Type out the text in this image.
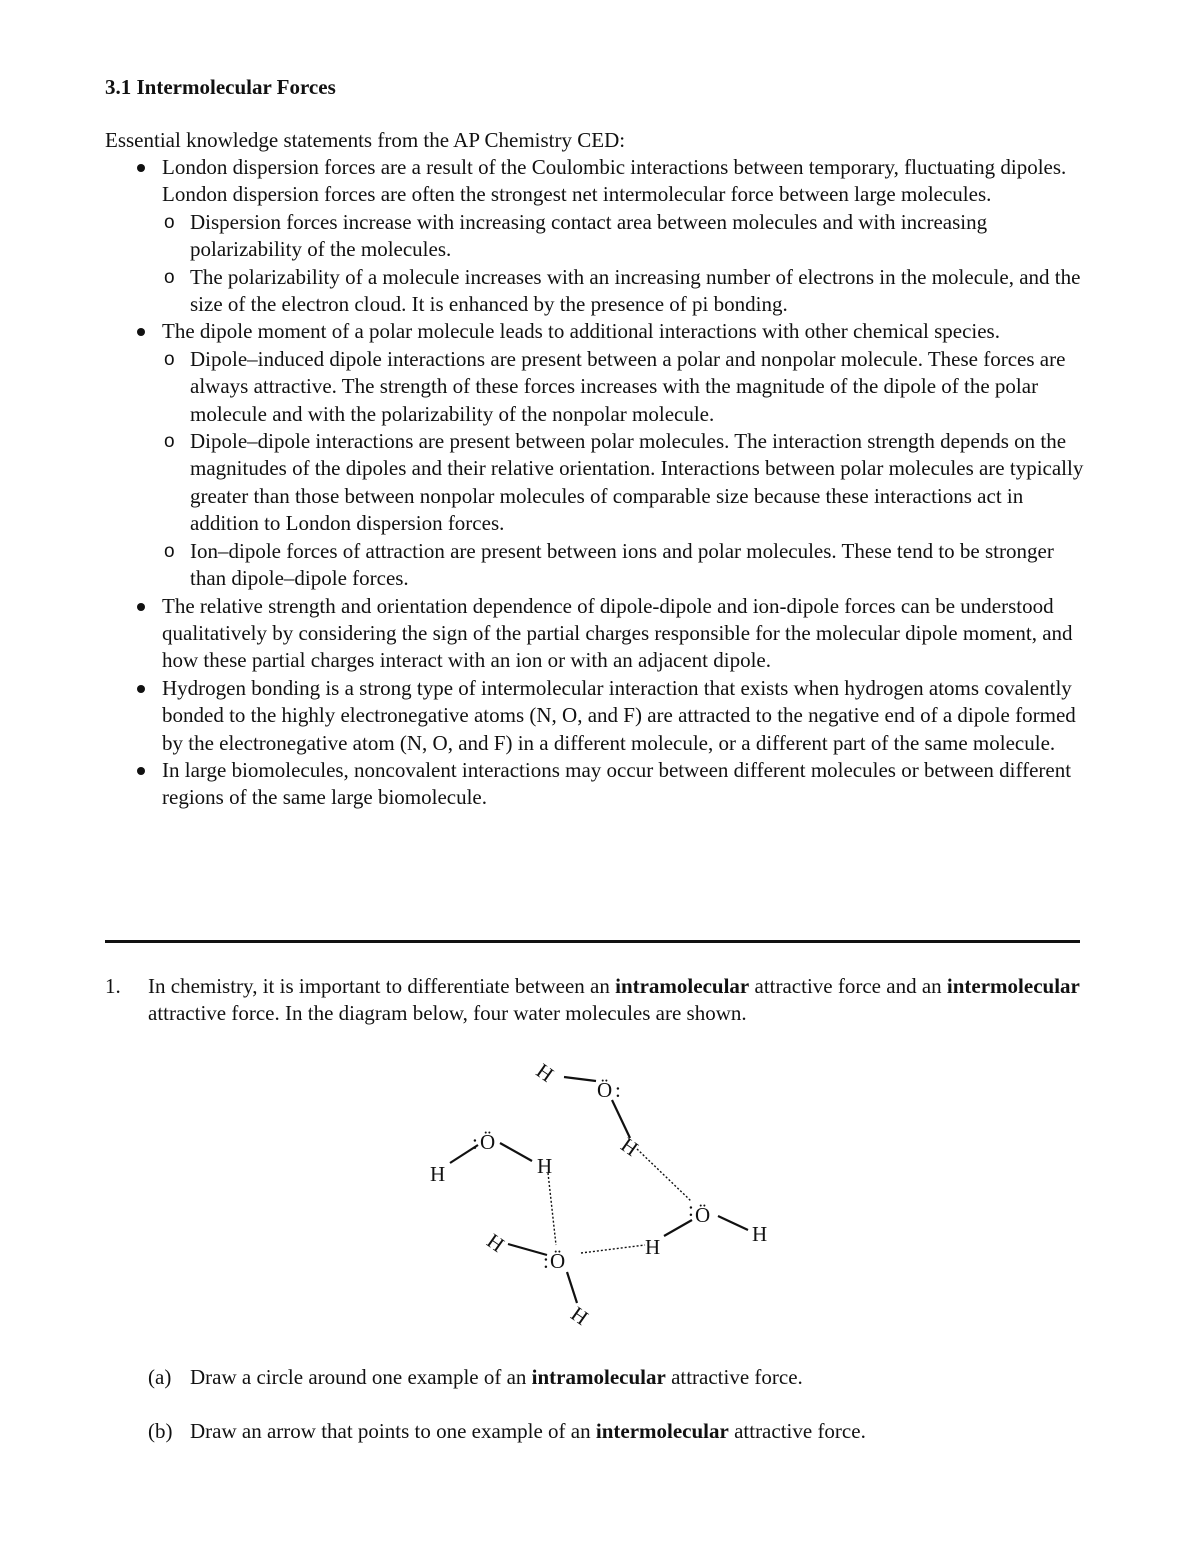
3.1 Intermolecular Forces

Essential knowledge statements from the AP Chemistry CED:

London dispersion forces are a result of the Coulombic interactions between temporary, fluctuating dipoles. London dispersion forces are often the strongest net intermolecular force between large molecules.
o Dispersion forces increase with increasing contact area between molecules and with increasing polarizability of the molecules.
o The polarizability of a molecule increases with an increasing number of electrons in the molecule, and the size of the electron cloud. It is enhanced by the presence of pi bonding.
The dipole moment of a polar molecule leads to additional interactions with other chemical species.
o Dipole–induced dipole interactions are present between a polar and nonpolar molecule. These forces are always attractive. The strength of these forces increases with the magnitude of the dipole of the polar molecule and with the polarizability of the nonpolar molecule.
o Dipole–dipole interactions are present between polar molecules. The interaction strength depends on the magnitudes of the dipoles and their relative orientation. Interactions between polar molecules are typically greater than those between nonpolar molecules of comparable size because these interactions act in addition to London dispersion forces.
o Ion–dipole forces of attraction are present between ions and polar molecules. These tend to be stronger than dipole–dipole forces.
The relative strength and orientation dependence of dipole-dipole and ion-dipole forces can be understood qualitatively by considering the sign of the partial charges responsible for the molecular dipole moment, and how these partial charges interact with an ion or with an adjacent dipole.
Hydrogen bonding is a strong type of intermolecular interaction that exists when hydrogen atoms covalently bonded to the highly electronegative atoms (N, O, and F) are attracted to the negative end of a dipole formed by the electronegative atom (N, O, and F) in a different molecule, or a different part of the same molecule.
In large biomolecules, noncovalent interactions may occur between different molecules or between different regions of the same large biomolecule.
1. In chemistry, it is important to differentiate between an intramolecular attractive force and an intermolecular attractive force. In the diagram below, four water molecules are shown.

H
Ö :
H
H
Ö
:
H
H
Ö
:
H
H
Ö
:
H
(a) Draw a circle around one example of an intramolecular attractive force.
(b) Draw an arrow that points to one example of an intermolecular attractive force.
